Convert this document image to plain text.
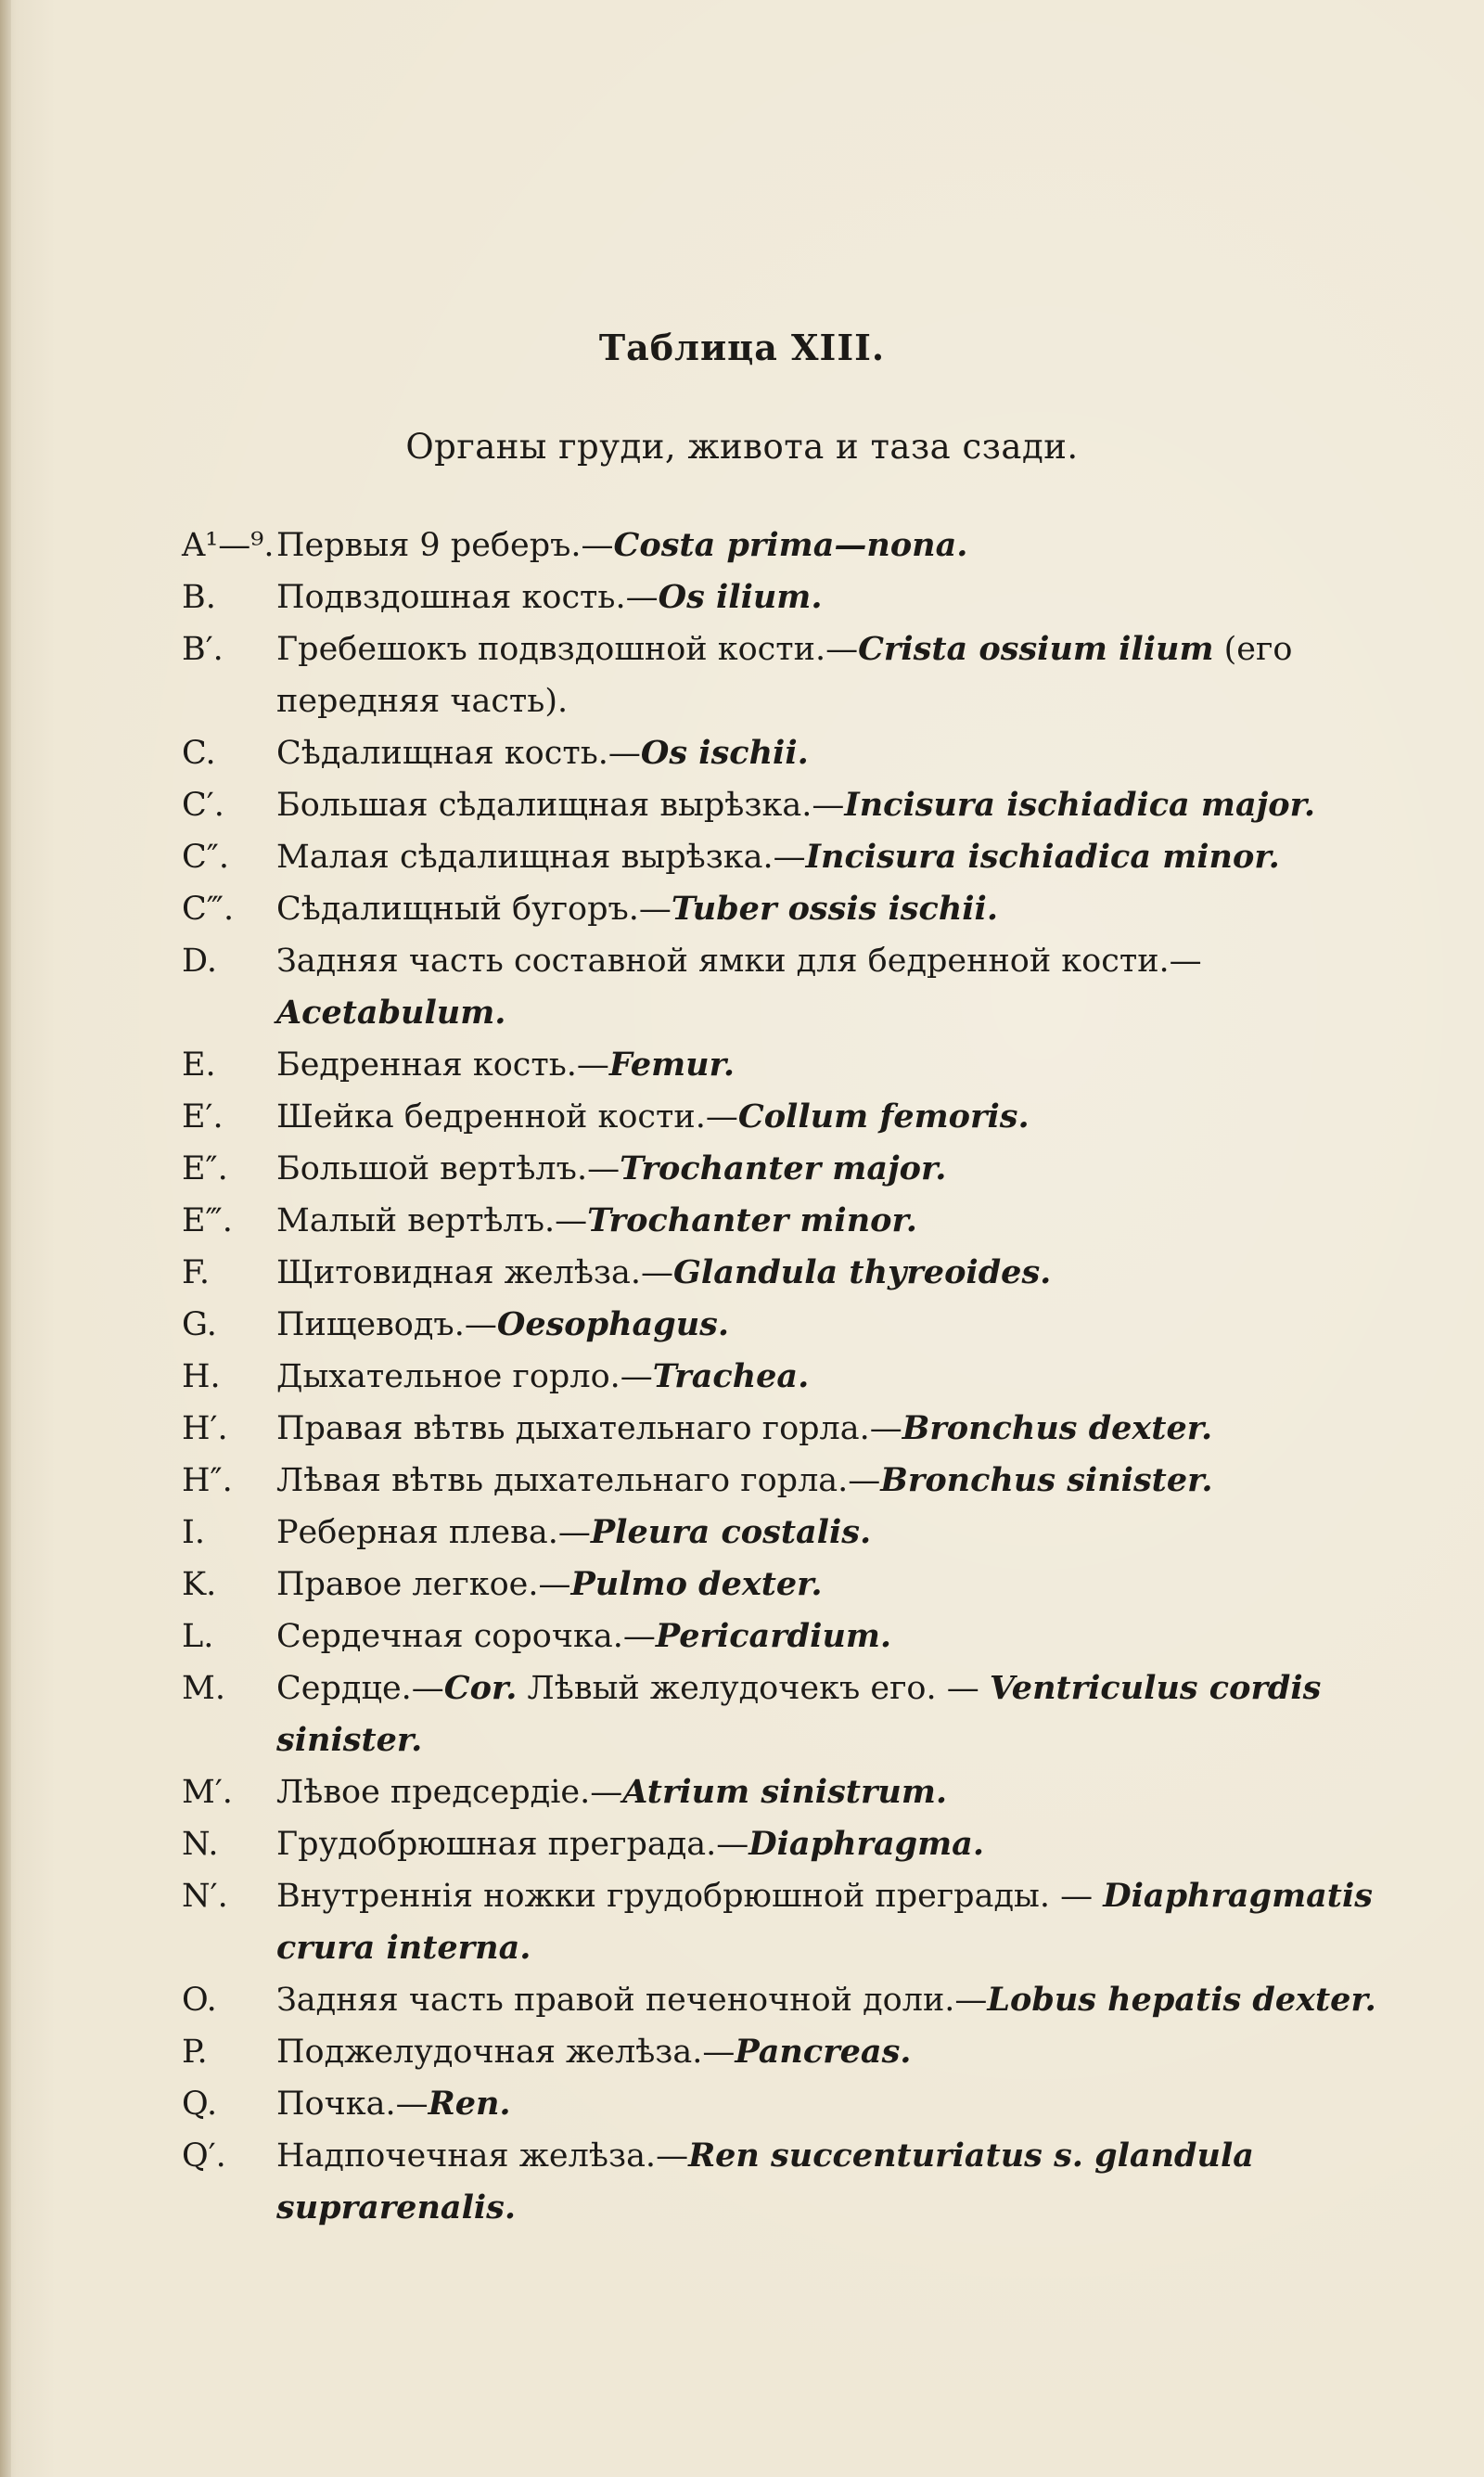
Таблица XIII.
Органы груди, живота и таза сзади.
A¹—⁹. Первыя 9 реберъ.—Costa prima—nona.
B.	Подвздошная кость.—Os ilium.
B′.	Гребешокъ подвздошной кости.—Crista ossium ilium (его передняя часть).
C.	Сѣдалищная кость.—Os ischii.
C′.	Большая сѣдалищная вырѣзка.—Incisura ischiadica major.
C″.	Малая сѣдалищная вырѣзка.—Incisura ischiadica minor.
C‴.	Сѣдалищный бугоръ.—Tuber ossis ischii.
D.	Задняя часть составной ямки для бедренной кости.—Acetabulum.
E.	Бедренная кость.—Femur.
E′.	Шейка бедренной кости.—Collum femoris.
E″.	Большой вертѣлъ.—Trochanter major.
E‴.	Малый вертѣлъ.—Trochanter minor.
F.	Щитовидная желѣза.—Glandula thyreoides.
G.	Пищеводъ.—Oesophagus.
H.	Дыхательное горло.—Trachea.
H′.	Правая вѣтвь дыхательнаго горла.—Bronchus dexter.
H″.	Лѣвая вѣтвь дыхательнаго горла.—Bronchus sinister.
I.	Реберная плева.—Pleura costalis.
K.	Правое легкое.—Pulmo dexter.
L.	Сердечная сорочка.—Pericardium.
M.	Сердце.—Cor. Лѣвый желудочекъ его. — Ventriculus cordis sinister.
M′.	Лѣвое предсердіе.—Atrium sinistrum.
N.	Грудобрюшная преграда.—Diaphragma.
N′.	Внутреннія ножки грудобрюшной преграды. — Diaphragmatis crura interna.
O.	Задняя часть правой печеночной доли.—Lobus hepatis dexter.
P.	Поджелудочная желѣза.—Pancreas.
Q.	Почка.—Ren.
Q′.	Надпочечная желѣза.—Ren succenturiatus s. glandula suprarenalis.
